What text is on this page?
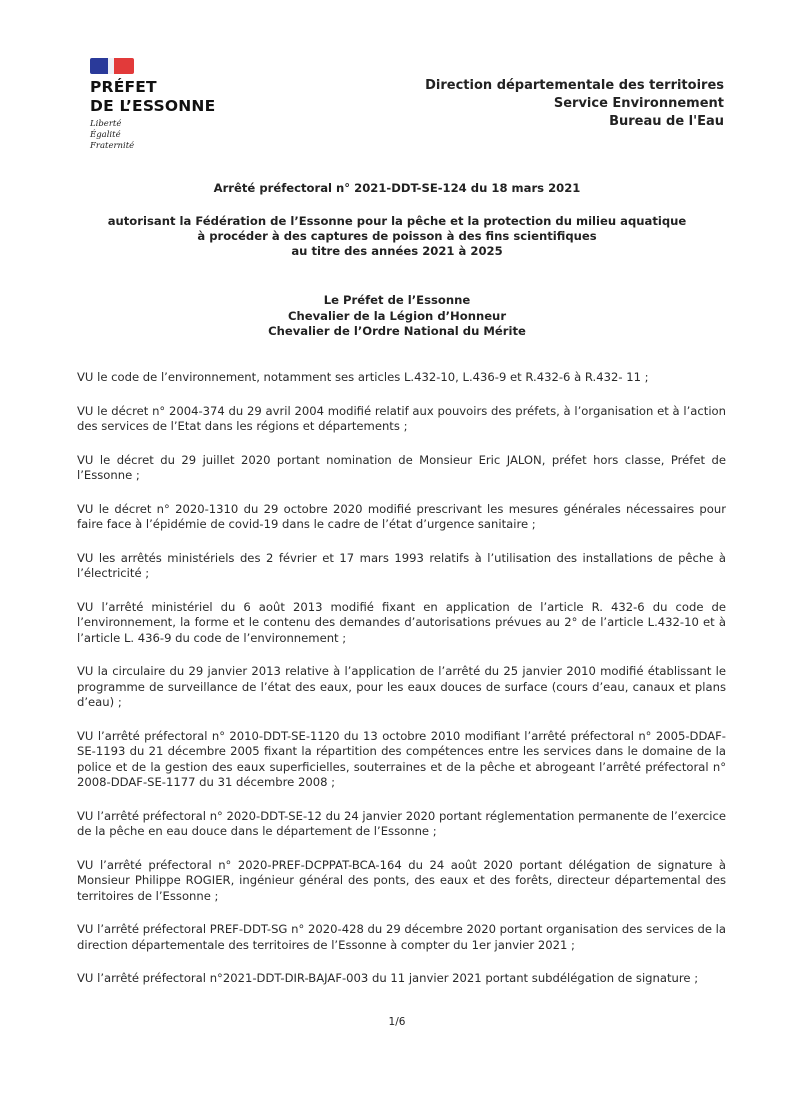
PRÉFET
DE L’ESSONNE
Liberté
Égalité
Fraternité
Direction départementale des territoires
Service Environnement
Bureau de l'Eau
Arrêté préfectoral n° 2021-DDT-SE-124 du 18 mars 2021
autorisant la Fédération de l’Essonne pour la pêche et la protection du milieu aquatique
à procéder à des captures de poisson à des fins scientifiques
au titre des années 2021 à 2025
Le Préfet de l’Essonne
Chevalier de la Légion d’Honneur
Chevalier de l’Ordre National du Mérite

VU le code de l’environnement, notamment ses articles L.432-10, L.436-9 et R.432-6 à R.432- 11 ;

VU le décret n° 2004-374 du 29 avril 2004 modifié relatif aux pouvoirs des préfets, à l’organisation et à l’action des services de l’Etat dans les régions et départements ;

VU le décret du 29 juillet 2020 portant nomination de Monsieur Eric JALON, préfet hors classe, Préfet de l’Essonne ;

VU le décret n° 2020-1310 du 29 octobre 2020 modifié prescrivant les mesures générales nécessaires pour faire face à l’épidémie de covid-19 dans le cadre de l’état d’urgence sanitaire ;

VU les arrêtés ministériels des 2 février et 17 mars 1993 relatifs à l’utilisation des installations de pêche à l’électricité ;

VU l’arrêté ministériel du 6 août 2013 modifié fixant en application de l’article R. 432-6 du code de l’environnement, la forme et le contenu des demandes d’autorisations prévues au 2° de l’article L.432-10 et à l’article L. 436-9 du code de l’environnement ;

VU la circulaire du 29 janvier 2013 relative à l’application de l’arrêté du 25 janvier 2010 modifié établissant le programme de surveillance de l’état des eaux, pour les eaux douces de surface (cours d’eau, canaux et plans d’eau) ;

VU l’arrêté préfectoral n° 2010-DDT-SE-1120 du 13 octobre 2010 modifiant l’arrêté préfectoral n° 2005-DDAF-SE-1193 du 21 décembre 2005 fixant la répartition des compétences entre les services dans le domaine de la police et de la gestion des eaux superficielles, souterraines et de la pêche et abrogeant l’arrêté préfectoral n° 2008-DDAF-SE-1177 du 31 décembre 2008 ;

VU l’arrêté préfectoral n° 2020-DDT-SE-12 du 24 janvier 2020 portant réglementation permanente de l’exercice de la pêche en eau douce dans le département de l’Essonne ;

VU l’arrêté préfectoral n° 2020-PREF-DCPPAT-BCA-164 du 24 août 2020 portant délégation de signature à Monsieur Philippe ROGIER, ingénieur général des ponts, des eaux et des forêts, directeur départemental des territoires de l’Essonne ;

VU l’arrêté préfectoral PREF-DDT-SG n° 2020-428 du 29 décembre 2020 portant organisation des services de la direction départementale des territoires de l’Essonne à compter du 1er janvier 2021 ;

VU l’arrêté préfectoral n°2021-DDT-DIR-BAJAF-003 du 11 janvier 2021 portant subdélégation de signature ;

1/6
